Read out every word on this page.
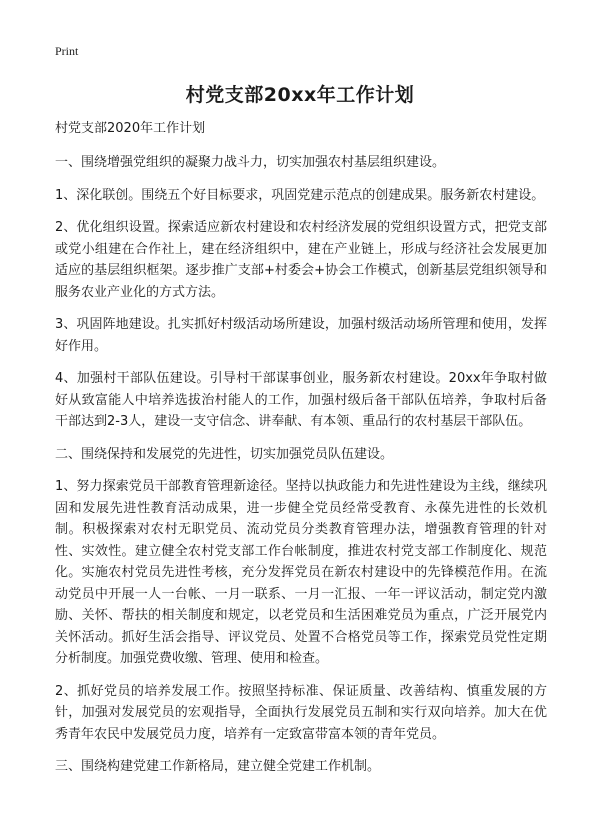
Print
村党支部20xx年工作计划
村党支部2020年工作计划
一、围绕增强党组织的凝聚力战斗力，切实加强农村基层组织建设。
1、深化联创。围绕五个好目标要求，巩固党建示范点的创建成果。服务新农村建设。
2、优化组织设置。探索适应新农村建设和农村经济发展的党组织设置方式，把党支部或党小组建在合作社上，建在经济组织中，建在产业链上，形成与经济社会发展更加适应的基层组织框架。逐步推广支部+村委会+协会工作模式，创新基层党组织领导和服务农业产业化的方式方法。
3、巩固阵地建设。扎实抓好村级活动场所建设，加强村级活动场所管理和使用，发挥好作用。
4、加强村干部队伍建设。引导村干部谋事创业，服务新农村建设。20xx年争取村做好从致富能人中培养选拔治村能人的工作，加强村级后备干部队伍培养，争取村后备干部达到2-3人，建设一支守信念、讲奉献、有本领、重品行的农村基层干部队伍。
二、围绕保持和发展党的先进性，切实加强党员队伍建设。
1、努力探索党员干部教育管理新途径。坚持以执政能力和先进性建设为主线，继续巩固和发展先进性教育活动成果，进一步健全党员经常受教育、永葆先进性的长效机制。积极探索对农村无职党员、流动党员分类教育管理办法，增强教育管理的针对性、实效性。建立健全农村党支部工作台帐制度，推进农村党支部工作制度化、规范化。实施农村党员先进性考核，充分发挥党员在新农村建设中的先锋模范作用。在流动党员中开展一人一台帐、一月一联系、一月一汇报、一年一评议活动，制定党内激励、关怀、帮扶的相关制度和规定，以老党员和生活困难党员为重点，广泛开展党内关怀活动。抓好生活会指导、评议党员、处置不合格党员等工作，探索党员党性定期分析制度。加强党费收缴、管理、使用和检查。
2、抓好党员的培养发展工作。按照坚持标准、保证质量、改善结构、慎重发展的方针，加强对发展党员的宏观指导，全面执行发展党员五制和实行双向培养。加大在优秀青年农民中发展党员力度，培养有一定致富带富本领的青年党员。
三、围绕构建党建工作新格局，建立健全党建工作机制。
